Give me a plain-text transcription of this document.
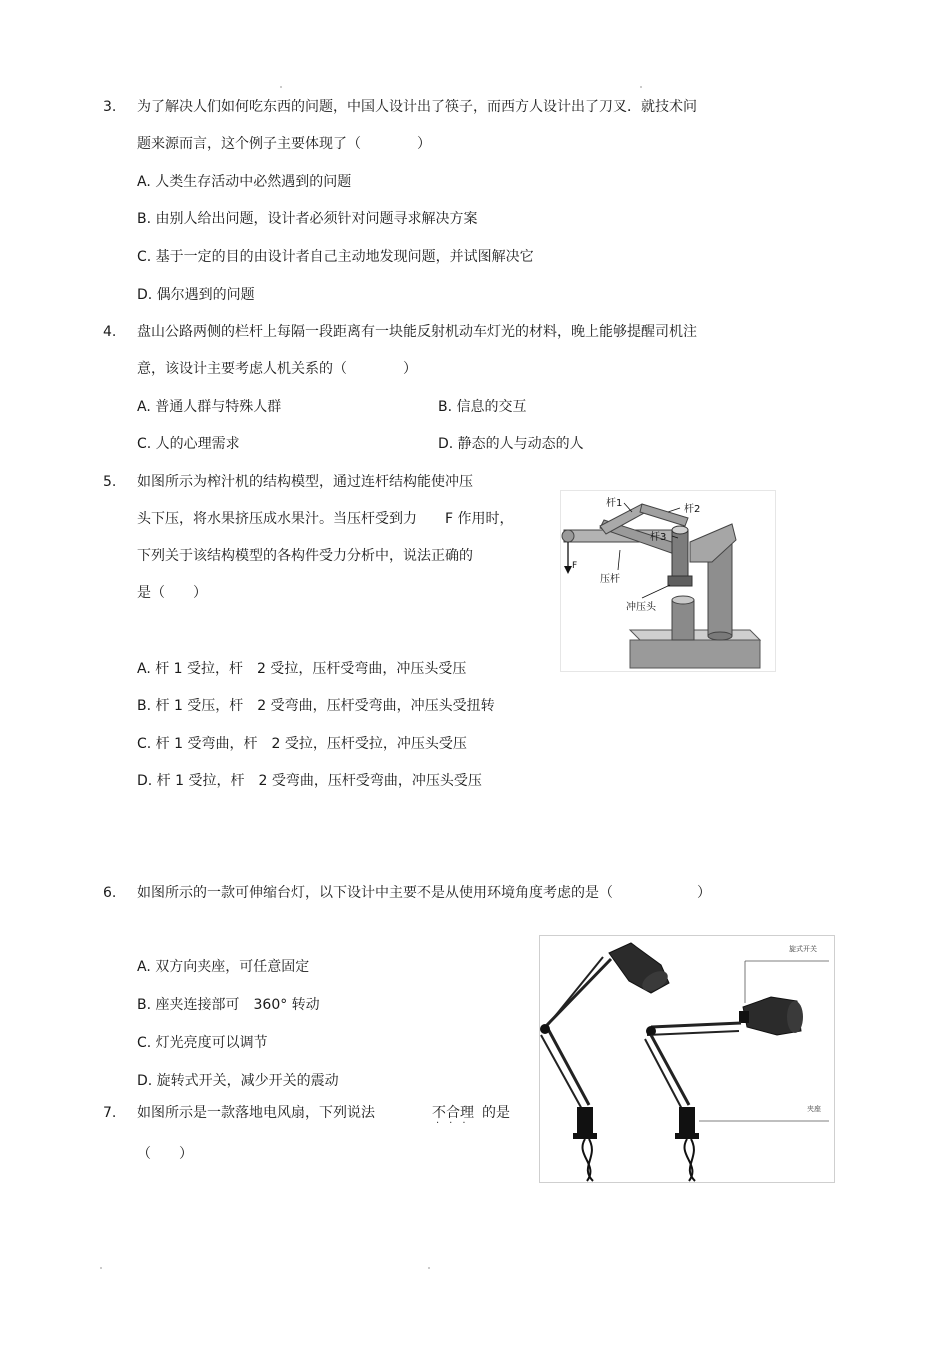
3. 为了解决人们如何吃东西的问题，中国人设计出了筷子，而西方人设计出了刀叉．就技术问
题来源而言，这个例子主要体现了（　　　　）
A. 人类生存活动中必然遇到的问题
B. 由别人给出问题，设计者必须针对问题寻求解决方案
C. 基于一定的目的由设计者自己主动地发现问题，并试图解决它
D. 偶尔遇到的问题
4. 盘山公路两侧的栏杆上每隔一段距离有一块能反射机动车灯光的材料，晚上能够提醒司机注
意，该设计主要考虑人机关系的（　　　　）
A. 普通人群与特殊人群	B. 信息的交互
C. 人的心理需求	D. 静态的人与动态的人
5. 如图所示为榨汁机的结构模型，通过连杆结构能使冲压
头下压，将水果挤压成水果汁。当压杆受到力　　F 作用时，
下列关于该结构模型的各构件受力分析中，说法正确的
是（　　）
A. 杆 1 受拉，杆　2 受拉，压杆受弯曲，冲压头受压
B. 杆 1 受压，杆　2 受弯曲，压杆受弯曲，冲压头受扭转
C. 杆 1 受弯曲，杆　2 受拉，压杆受拉，冲压头受压
D. 杆 1 受拉，杆　2 受弯曲，压杆受弯曲，冲压头受压
杆1
杆2
杆3
F
压杆
冲压头
6. 如图所示的一款可伸缩台灯，以下设计中主要不是从使用环境角度考虑的是（　　　　　　）
A. 双方向夹座，可任意固定
B. 座夹连接部可　360° 转动
C. 灯光亮度可以调节
D. 旋转式开关，减少开关的震动
旋式开关
夹座
7. 如图所示是一款落地电风扇，下列说法	不合理
···
的是
（　　）
